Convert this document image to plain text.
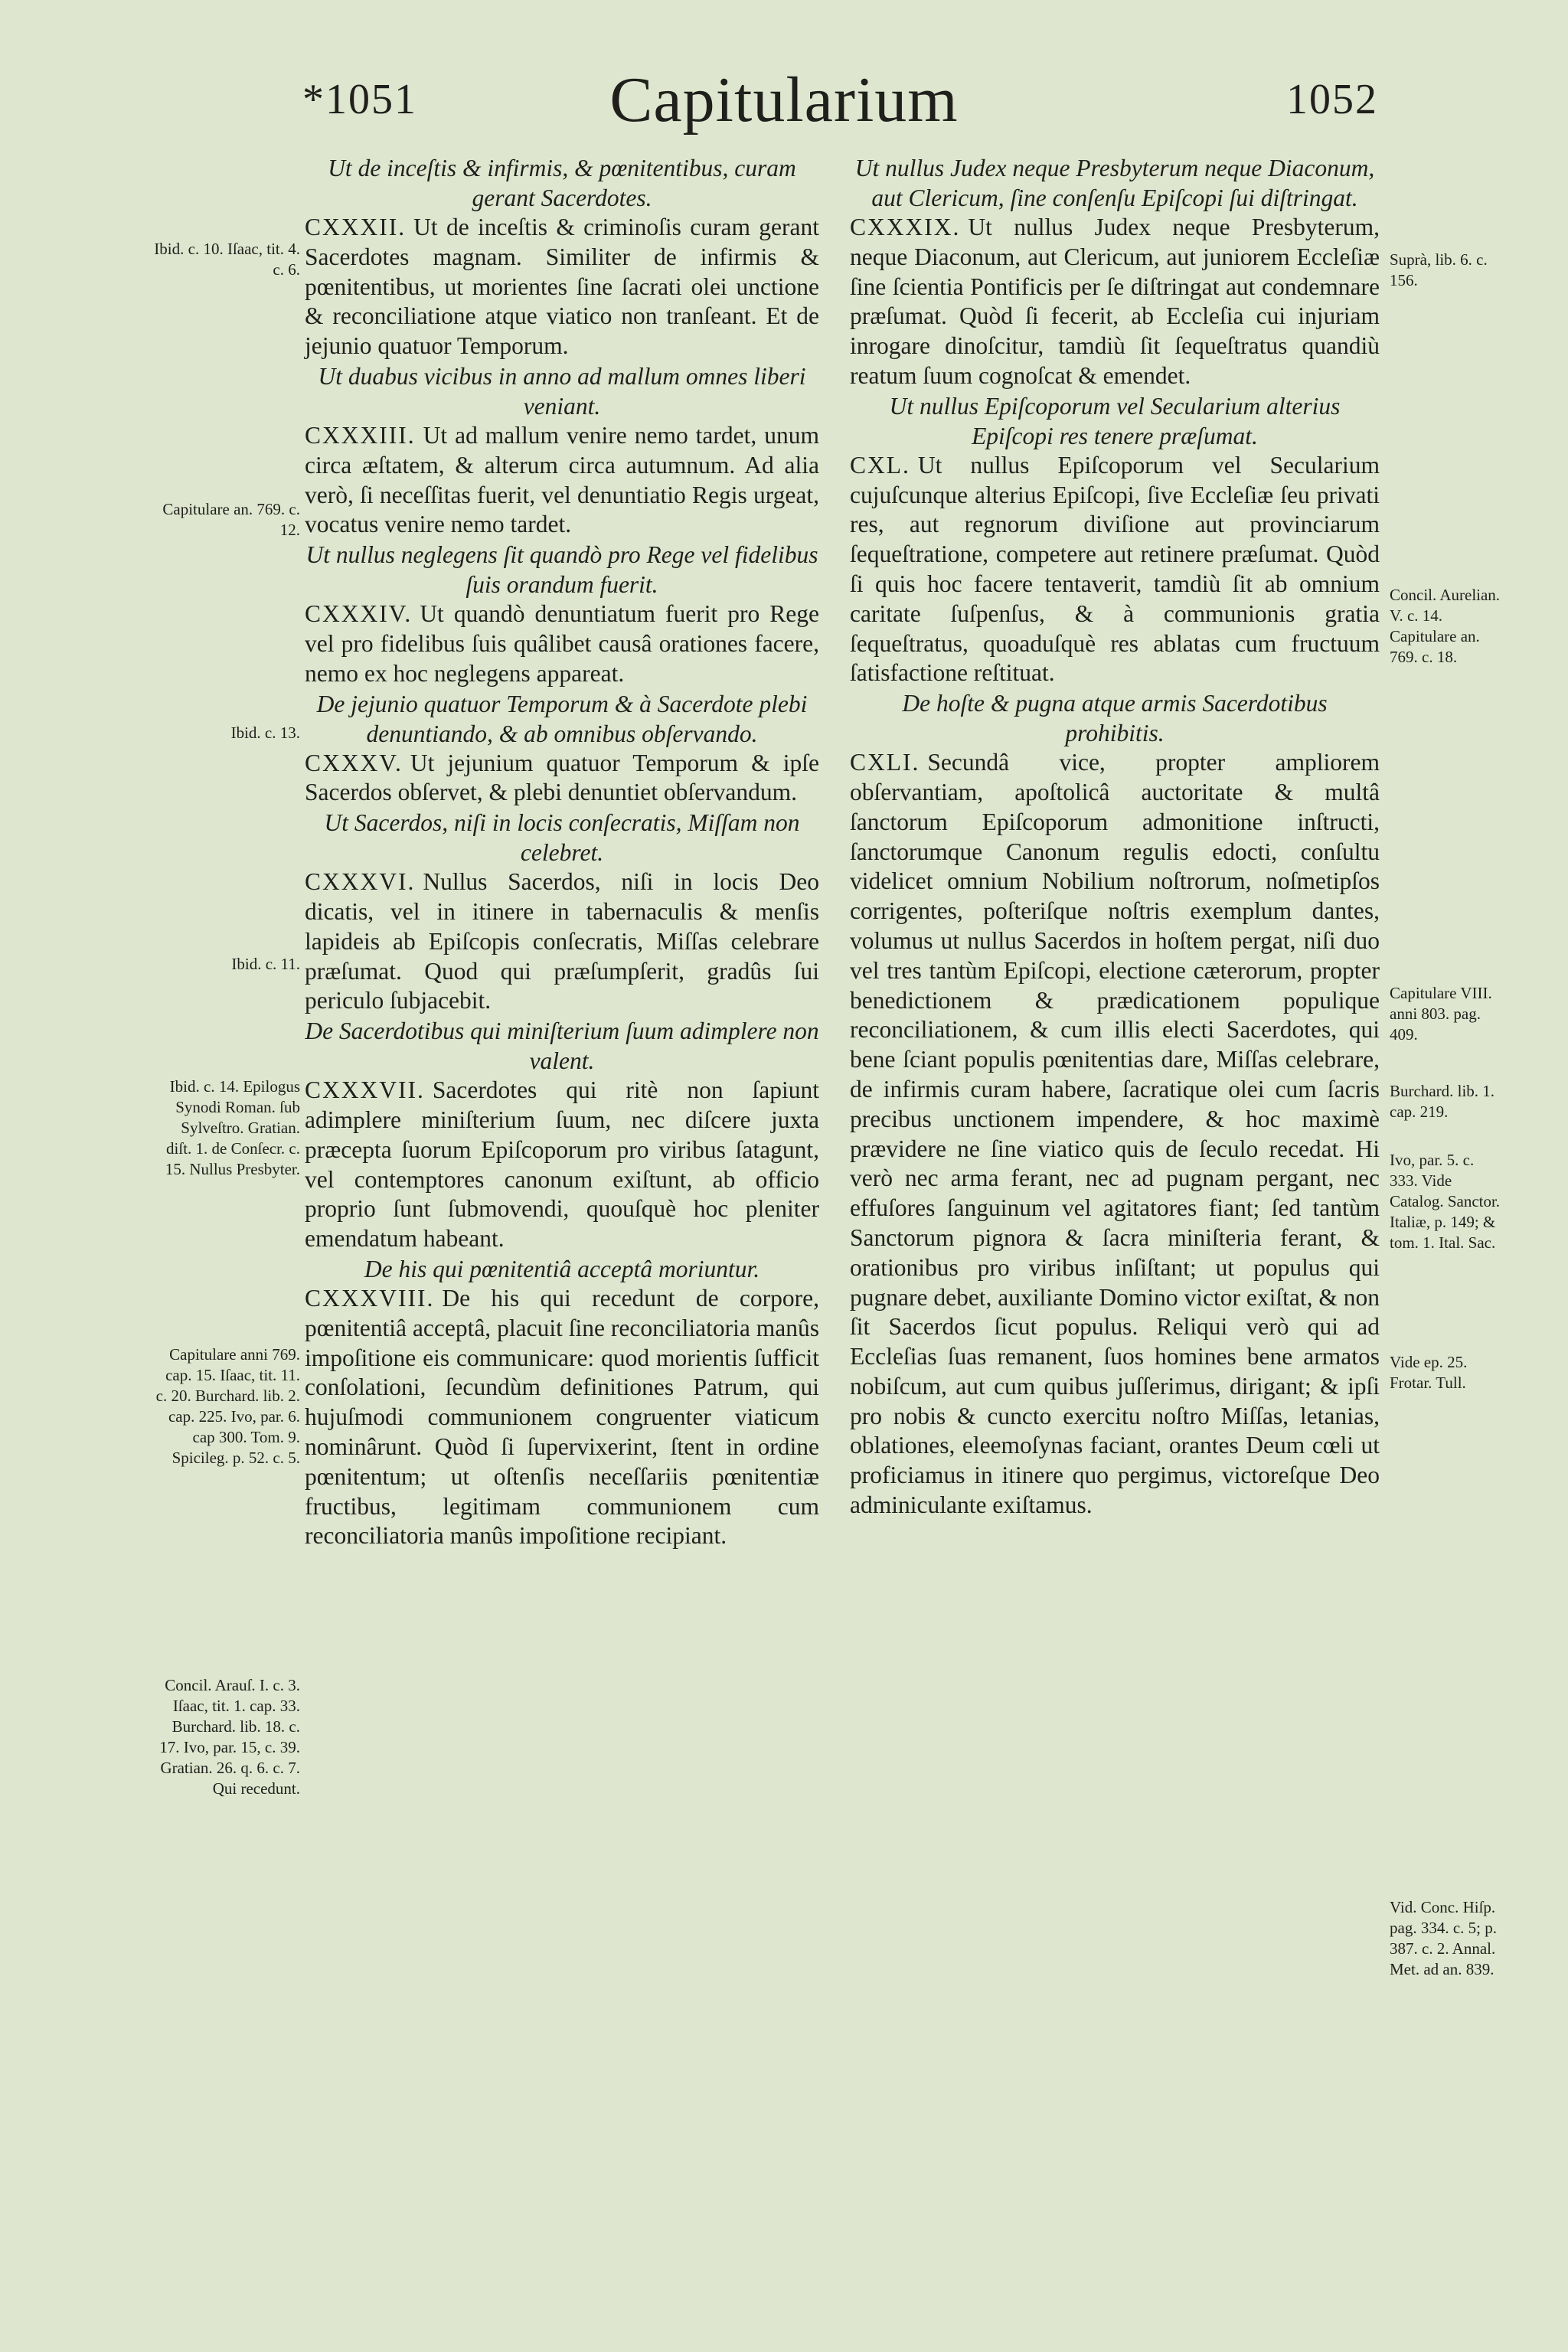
*1051	Capitularium	1052
Ibid. c. 10. Iſaac, tit. 4. c. 6.
Capitulare an. 769. c. 12.
Ibid. c. 13.
Ibid. c. 11.
Ibid. c. 14. Epilogus Synodi Roman. ſub Sylveſtro. Gratian. diſt. 1. de Conſecr. c. 15. Nullus Presbyter.
Capitulare anni 769. cap. 15. Iſaac, tit. 11. c. 20. Burchard. lib. 2. cap. 225. Ivo, par. 6. cap 300. Tom. 9. Spicileg. p. 52. c. 5.
Concil. Arauſ. I. c. 3. Iſaac, tit. 1. cap. 33. Burchard. lib. 18. c. 17. Ivo, par. 15, c. 39. Gratian. 26. q. 6. c. 7. Qui recedunt.
Suprà, lib. 6. c. 156.
Concil. Aurelian. V. c. 14. Capitulare an. 769. c. 18.
Capitulare VIII. anni 803. pag. 409.
Burchard. lib. 1. cap. 219.
Ivo, par. 5. c. 333. Vide Catalog. Sanctor. Italiæ, p. 149; & tom. 1. Ital. Sac.
Vide ep. 25. Frotar. Tull.
Vid. Conc. Hiſp. pag. 334. c. 5; p. 387. c. 2. Annal. Met. ad an. 839.

Ut de inceſtis & infirmis, & pœnitentibus, curam gerant Sacerdotes.

CXXXII. Ut de inceſtis & criminoſis curam gerant Sacerdotes magnam. Similiter de infirmis & pœnitentibus, ut morientes ſine ſacrati olei unctione & reconciliatione atque viatico non tranſeant. Et de jejunio quatuor Temporum.

Ut duabus vicibus in anno ad mallum omnes liberi veniant.

CXXXIII. Ut ad mallum venire nemo tardet, unum circa æſtatem, & alterum circa autumnum. Ad alia verò, ſi neceſſitas fuerit, vel denuntiatio Regis urgeat, vocatus venire nemo tardet.

Ut nullus neglegens ſit quandò pro Rege vel fidelibus ſuis orandum fuerit.

CXXXIV. Ut quandò denuntiatum fuerit pro Rege vel pro fidelibus ſuis quâlibet causâ orationes facere, nemo ex hoc neglegens appareat.

De jejunio quatuor Temporum & à Sacerdote plebi denuntiando, & ab omnibus obſervando.

CXXXV. Ut jejunium quatuor Temporum & ipſe Sacerdos obſervet, & plebi denuntiet obſervandum.

Ut Sacerdos, niſi in locis conſecratis, Miſſam non celebret.

CXXXVI. Nullus Sacerdos, niſi in locis Deo dicatis, vel in itinere in tabernaculis & menſis lapideis ab Epiſcopis conſecratis, Miſſas celebrare præſumat. Quod qui præſumpſerit, gradûs ſui periculo ſubjacebit.

De Sacerdotibus qui miniſterium ſuum adimplere non valent.

CXXXVII. Sacerdotes qui ritè non ſapiunt adimplere miniſterium ſuum, nec diſcere juxta præcepta ſuorum Epiſcoporum pro viribus ſatagunt, vel contemptores canonum exiſtunt, ab officio proprio ſunt ſubmovendi, quouſquè hoc pleniter emendatum habeant.

De his qui pœnitentiâ acceptâ moriuntur.

CXXXVIII. De his qui recedunt de corpore, pœnitentiâ acceptâ, placuit ſine reconciliatoria manûs impoſitione eis communicare: quod morientis ſufficit conſolationi, ſecundùm definitiones Patrum, qui hujuſmodi communionem congruenter viaticum nominârunt. Quòd ſi ſupervixerint, ſtent in ordine pœnitentum; ut oſtenſis neceſſariis pœnitentiæ fructibus, legitimam communionem cum reconciliatoria manûs impoſitione recipiant.

Ut nullus Judex neque Presbyterum neque Diaconum, aut Clericum, ſine conſenſu Epiſcopi ſui diſtringat.

CXXXIX. Ut nullus Judex neque Presbyterum, neque Diaconum, aut Clericum, aut juniorem Eccleſiæ ſine ſcientia Pontificis per ſe diſtringat aut condemnare præſumat. Quòd ſi fecerit, ab Eccleſia cui injuriam inrogare dinoſcitur, tamdiù ſit ſequeſtratus quandiù reatum ſuum cognoſcat & emendet.

Ut nullus Epiſcoporum vel Secularium alterius Epiſcopi res tenere præſumat.

CXL. Ut nullus Epiſcoporum vel Secularium cujuſcunque alterius Epiſcopi, ſive Eccleſiæ ſeu privati res, aut regnorum diviſione aut provinciarum ſequeſtratione, competere aut retinere præſumat. Quòd ſi quis hoc facere tentaverit, tamdiù ſit ab omnium caritate ſuſpenſus, & à communionis gratia ſequeſtratus, quoaduſquè res ablatas cum fructuum ſatisfactione reſtituat.

De hoſte & pugna atque armis Sacerdotibus prohibitis.

CXLI. Secundâ vice, propter ampliorem obſervantiam, apoſtolicâ auctoritate & multâ ſanctorum Epiſcoporum admonitione inſtructi, ſanctorumque Canonum regulis edocti, conſultu videlicet omnium Nobilium noſtrorum, noſmetipſos corrigentes, poſteriſque noſtris exemplum dantes, volumus ut nullus Sacerdos in hoſtem pergat, niſi duo vel tres tantùm Epiſcopi, electione cæterorum, propter benedictionem & prædicationem populique reconciliationem, & cum illis electi Sacerdotes, qui bene ſciant populis pœnitentias dare, Miſſas celebrare, de infirmis curam habere, ſacratique olei cum ſacris precibus unctionem impendere, & hoc maximè prævidere ne ſine viatico quis de ſeculo recedat. Hi verò nec arma ferant, nec ad pugnam pergant, nec effuſores ſanguinum vel agitatores fiant; ſed tantùm Sanctorum pignora & ſacra miniſteria ferant, & orationibus pro viribus inſiſtant; ut populus qui pugnare debet, auxiliante Domino victor exiſtat, & non ſit Sacerdos ſicut populus. Reliqui verò qui ad Eccleſias ſuas remanent, ſuos homines bene armatos nobiſcum, aut cum quibus juſſerimus, dirigant; & ipſi pro nobis & cuncto exercitu noſtro Miſſas, letanias, oblationes, eleemoſynas faciant, orantes Deum cœli ut proficiamus in itinere quo pergimus, victoreſque Deo adminiculante exiſtamus.
